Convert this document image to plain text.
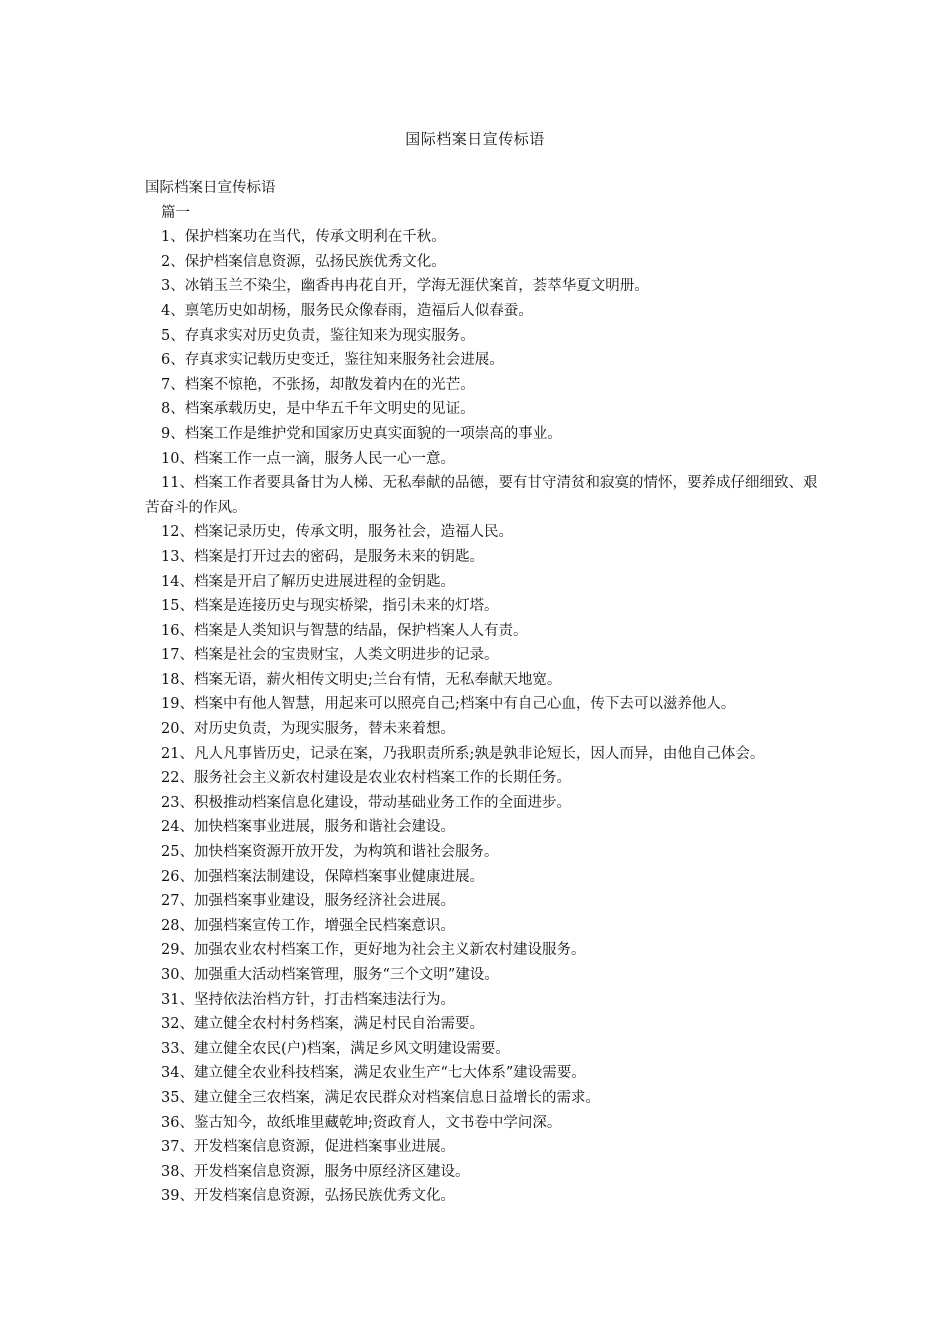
国际档案日宣传标语

国际档案日宣传标语

篇一

1、保护档案功在当代，传承文明利在千秋。
2、保护档案信息资源，弘扬民族优秀文化。
3、冰销玉兰不染尘，幽香冉冉花自开，学海无涯伏案首，荟萃华夏文明册。
4、禀笔历史如胡杨，服务民众像春雨，造福后人似春蚕。
5、存真求实对历史负责，鉴往知来为现实服务。
6、存真求实记载历史变迁，鉴往知来服务社会进展。
7、档案不惊艳，不张扬，却散发着内在的光芒。
8、档案承载历史，是中华五千年文明史的见证。
9、档案工作是维护党和国家历史真实面貌的一项崇高的事业。
10、档案工作一点一滴，服务人民一心一意。
11、档案工作者要具备甘为人梯、无私奉献的品德，要有甘守清贫和寂寞的情怀，要养成仔细细致、艰苦奋斗的作风。
12、档案记录历史，传承文明，服务社会，造福人民。
13、档案是打开过去的密码，是服务未来的钥匙。
14、档案是开启了解历史进展进程的金钥匙。
15、档案是连接历史与现实桥梁，指引未来的灯塔。
16、档案是人类知识与智慧的结晶，保护档案人人有责。
17、档案是社会的宝贵财宝，人类文明进步的记录。
18、档案无语，薪火相传文明史;兰台有情，无私奉献天地宽。
19、档案中有他人智慧，用起来可以照亮自己;档案中有自己心血，传下去可以滋养他人。
20、对历史负责，为现实服务，替未来着想。
21、凡人凡事皆历史，记录在案，乃我职责所系;孰是孰非论短长，因人而异，由他自己体会。
22、服务社会主义新农村建设是农业农村档案工作的长期任务。
23、积极推动档案信息化建设，带动基础业务工作的全面进步。
24、加快档案事业进展，服务和谐社会建设。
25、加快档案资源开放开发，为构筑和谐社会服务。
26、加强档案法制建设，保障档案事业健康进展。
27、加强档案事业建设，服务经济社会进展。
28、加强档案宣传工作，增强全民档案意识。
29、加强农业农村档案工作，更好地为社会主义新农村建设服务。
30、加强重大活动档案管理，服务“三个文明”建设。
31、坚持依法治档方针，打击档案违法行为。
32、建立健全农村村务档案，满足村民自治需要。
33、建立健全农民(户)档案，满足乡风文明建设需要。
34、建立健全农业科技档案，满足农业生产“七大体系”建设需要。
35、建立健全三农档案，满足农民群众对档案信息日益增长的需求。
36、鉴古知今，故纸堆里藏乾坤;资政育人，文书卷中学问深。
37、开发档案信息资源，促进档案事业进展。
38、开发档案信息资源，服务中原经济区建设。
39、开发档案信息资源，弘扬民族优秀文化。
